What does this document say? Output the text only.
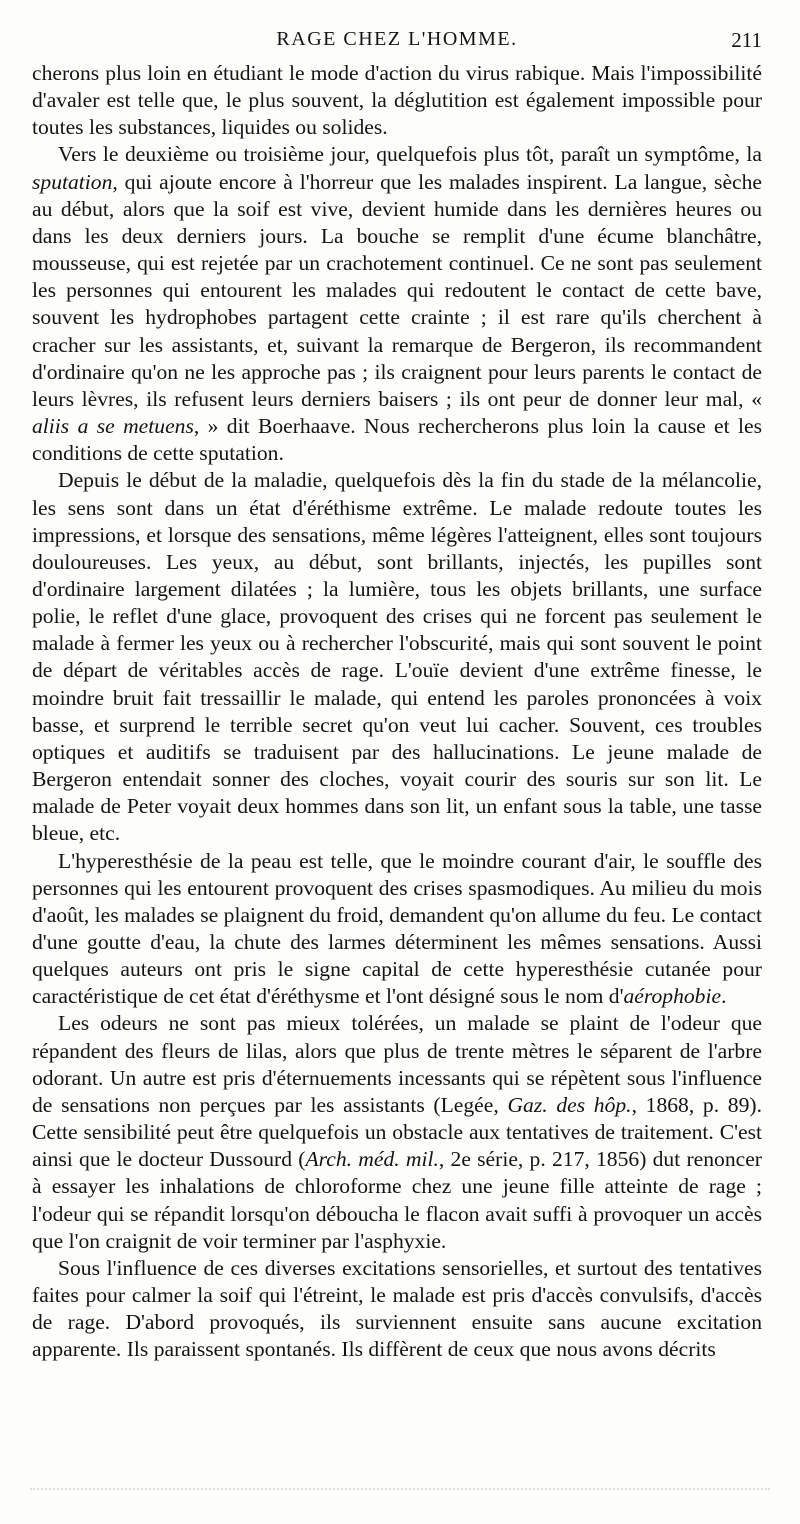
RAGE CHEZ L'HOMME.	211

cherons plus loin en étudiant le mode d'action du virus rabique. Mais l'impossibilité d'avaler est telle que, le plus souvent, la déglutition est également impossible pour toutes les substances, liquides ou solides.

Vers le deuxième ou troisième jour, quelquefois plus tôt, paraît un symptôme, la sputation, qui ajoute encore à l'horreur que les malades inspirent. La langue, sèche au début, alors que la soif est vive, devient humide dans les dernières heures ou dans les deux derniers jours. La bouche se remplit d'une écume blanchâtre, mousseuse, qui est rejetée par un crachotement continuel. Ce ne sont pas seulement les personnes qui entourent les malades qui redoutent le contact de cette bave, souvent les hydrophobes partagent cette crainte ; il est rare qu'ils cherchent à cracher sur les assistants, et, suivant la remarque de Bergeron, ils recommandent d'ordinaire qu'on ne les approche pas ; ils craignent pour leurs parents le contact de leurs lèvres, ils refusent leurs derniers baisers ; ils ont peur de donner leur mal, « aliis a se metuens, » dit Boerhaave. Nous rechercherons plus loin la cause et les conditions de cette sputation.

Depuis le début de la maladie, quelquefois dès la fin du stade de la mélancolie, les sens sont dans un état d'éréthisme extrême. Le malade redoute toutes les impressions, et lorsque des sensations, même légères l'atteignent, elles sont toujours douloureuses. Les yeux, au début, sont brillants, injectés, les pupilles sont d'ordinaire largement dilatées ; la lumière, tous les objets brillants, une surface polie, le reflet d'une glace, provoquent des crises qui ne forcent pas seulement le malade à fermer les yeux ou à rechercher l'obscurité, mais qui sont souvent le point de départ de véritables accès de rage. L'ouïe devient d'une extrême finesse, le moindre bruit fait tressaillir le malade, qui entend les paroles prononcées à voix basse, et surprend le terrible secret qu'on veut lui cacher. Souvent, ces troubles optiques et auditifs se traduisent par des hallucinations. Le jeune malade de Bergeron entendait sonner des cloches, voyait courir des souris sur son lit. Le malade de Peter voyait deux hommes dans son lit, un enfant sous la table, une tasse bleue, etc.

L'hyperesthésie de la peau est telle, que le moindre courant d'air, le souffle des personnes qui les entourent provoquent des crises spasmodiques. Au milieu du mois d'août, les malades se plaignent du froid, demandent qu'on allume du feu. Le contact d'une goutte d'eau, la chute des larmes déterminent les mêmes sensations. Aussi quelques auteurs ont pris le signe capital de cette hyperesthésie cutanée pour caractéristique de cet état d'éréthysme et l'ont désigné sous le nom d'aérophobie.

Les odeurs ne sont pas mieux tolérées, un malade se plaint de l'odeur que répandent des fleurs de lilas, alors que plus de trente mètres le séparent de l'arbre odorant. Un autre est pris d'éternuements incessants qui se répètent sous l'influence de sensations non perçues par les assistants (Legée, Gaz. des hôp., 1868, p. 89). Cette sensibilité peut être quelquefois un obstacle aux tentatives de traitement. C'est ainsi que le docteur Dussourd (Arch. méd. mil., 2e série, p. 217, 1856) dut renoncer à essayer les inhalations de chloroforme chez une jeune fille atteinte de rage ; l'odeur qui se répandit lorsqu'on déboucha le flacon avait suffi à provoquer un accès que l'on craignit de voir terminer par l'asphyxie.

Sous l'influence de ces diverses excitations sensorielles, et surtout des tentatives faites pour calmer la soif qui l'étreint, le malade est pris d'accès convulsifs, d'accès de rage. D'abord provoqués, ils surviennent ensuite sans aucune excitation apparente. Ils paraissent spontanés. Ils diffèrent de ceux que nous avons décrits
